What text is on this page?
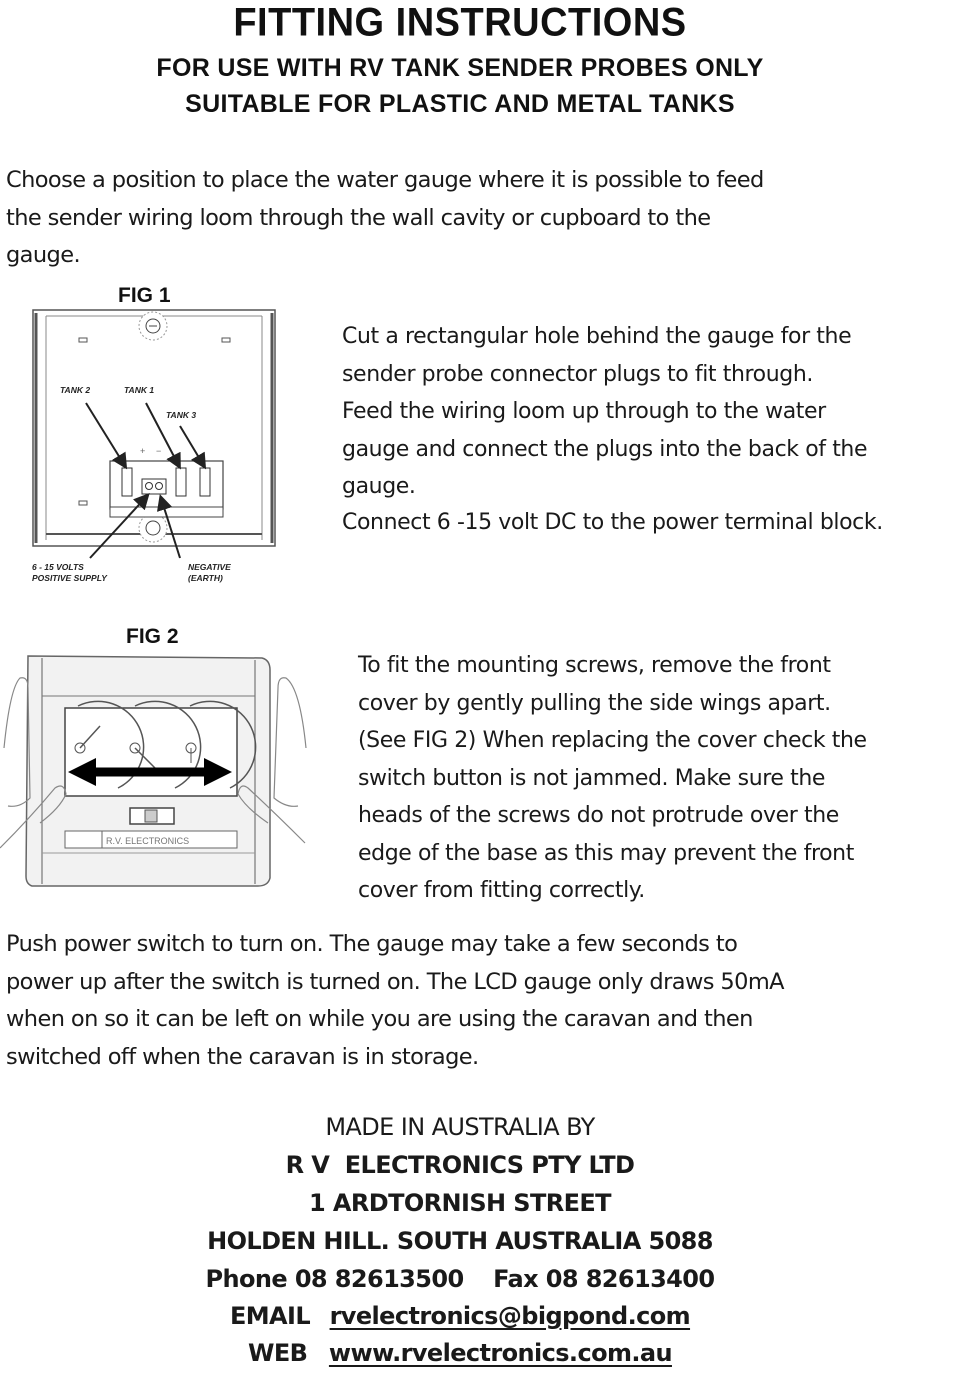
FITTING INSTRUCTIONS
FOR USE WITH RV TANK SENDER PROBES ONLY
SUITABLE FOR PLASTIC AND METAL TANKS
Choose a position to place the water gauge where it is possible to feed
the sender wiring loom through the wall cavity or cupboard to the
gauge.
FIG 1
+ −
TANK 2	TANK 1
TANK 3
6 - 15 VOLTS
POSITIVE SUPPLY
NEGATIVE
(EARTH)
Cut a rectangular hole behind the gauge for the
sender probe connector plugs to fit through.
Feed the wiring loom up through to the water
gauge and connect the plugs into the back of the
gauge.
Connect 6 -15 volt DC to the power terminal block.
FIG 2
R.V. ELECTRONICS
To fit the mounting screws, remove the front
cover by gently pulling the side wings apart.
(See FIG 2) When replacing the cover check the
switch button is not jammed. Make sure the
heads of the screws do not protrude over the
edge of the base as this may prevent the front
cover from fitting correctly.
Push power switch to turn on. The gauge may take a few seconds to
power up after the switch is turned on. The LCD gauge only draws 50mA
when on so it can be left on while you are using the caravan and then
switched off when the caravan is in storage.
MADE IN AUSTRALIA BY
R V  ELECTRONICS PTY LTD
1 ARDTORNISH STREET
HOLDEN HILL. SOUTH AUSTRALIA 5088
Phone 08 82613500 Fax 08 82613400
EMAIL rvelectronics@bigpond.com
WEB www.rvelectronics.com.au
